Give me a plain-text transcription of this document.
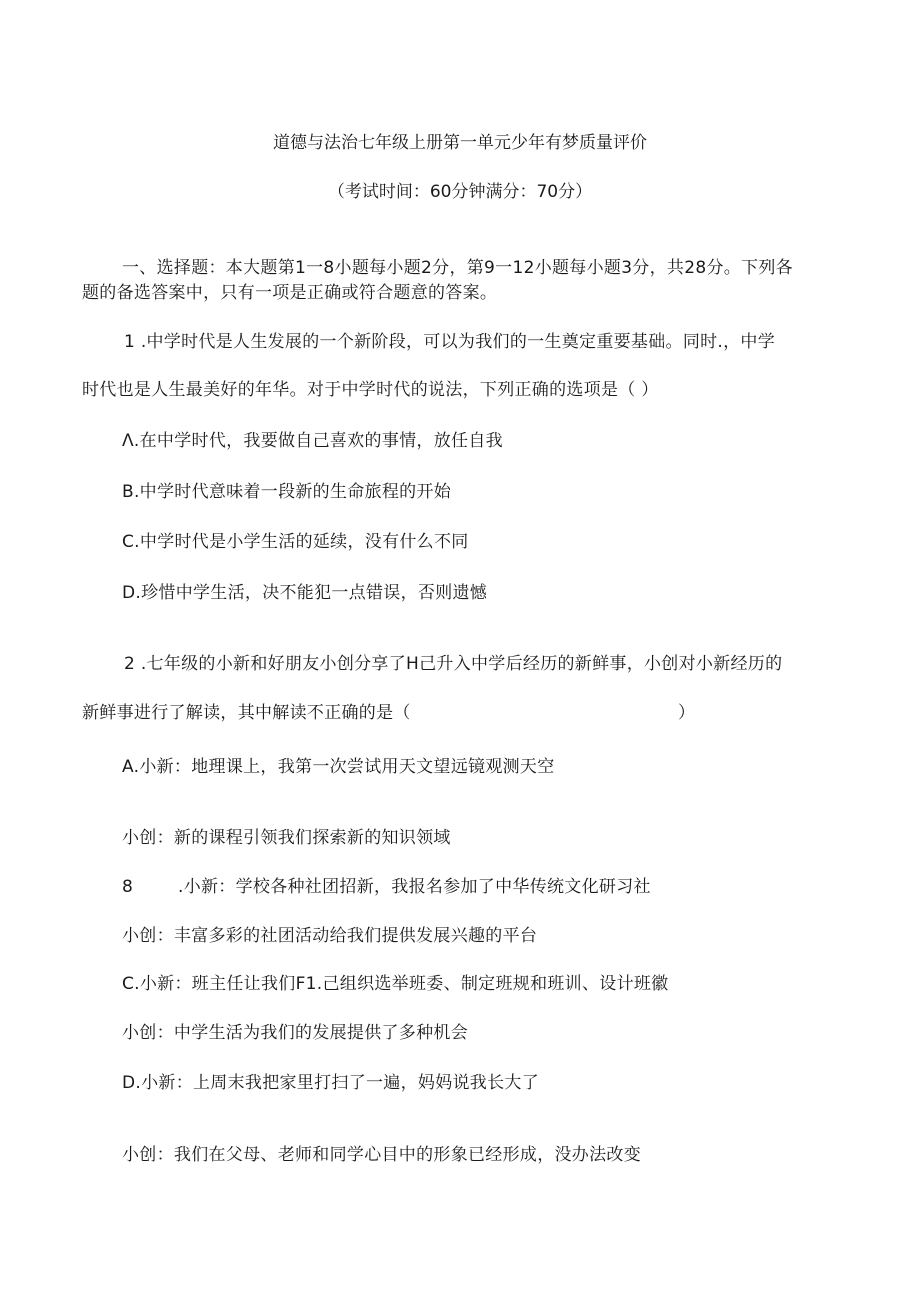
道德与法治七年级上册第一单元少年有梦质量评价
（考试时间：60分钟满分：70分）
一、选择题：本大题第1一8小题每小题2分，第9一12小题每小题3分，共28分。下列各
题的备选答案中，只有一项是正确或符合题意的答案。
1 .中学时代是人生发展的一个新阶段，可以为我们的一生奠定重要基础。同时.，中学
时代也是人生最美好的年华。对于中学时代的说法，下列正确的选项是（ ）
Λ.在中学时代，我要做自己喜欢的事情，放任自我
B.中学时代意味着一段新的生命旅程的开始
C.中学时代是小学生活的延续，没有什么不同
D.珍惜中学生活，决不能犯一点错误，否则遗憾
2 .七年级的小新和好朋友小创分享了H己升入中学后经历的新鲜事，小创对小新经历的
新鲜事进行了解读，其中解读不正确的是（	）
A.小新：地理课上，我第一次尝试用天文望远镜观测天空
小创：新的课程引领我们探索新的知识领域
8	.小新：学校各种社团招新，我报名参加了中华传统文化研习社
小创：丰富多彩的社团活动给我们提供发展兴趣的平台
C.小新：班主任让我们F1.己组织选举班委、制定班规和班训、设计班徽
小创：中学生活为我们的发展提供了多种机会
D.小新：上周末我把家里打扫了一遍，妈妈说我长大了
小创：我们在父母、老师和同学心目中的形象已经形成，没办法改变
